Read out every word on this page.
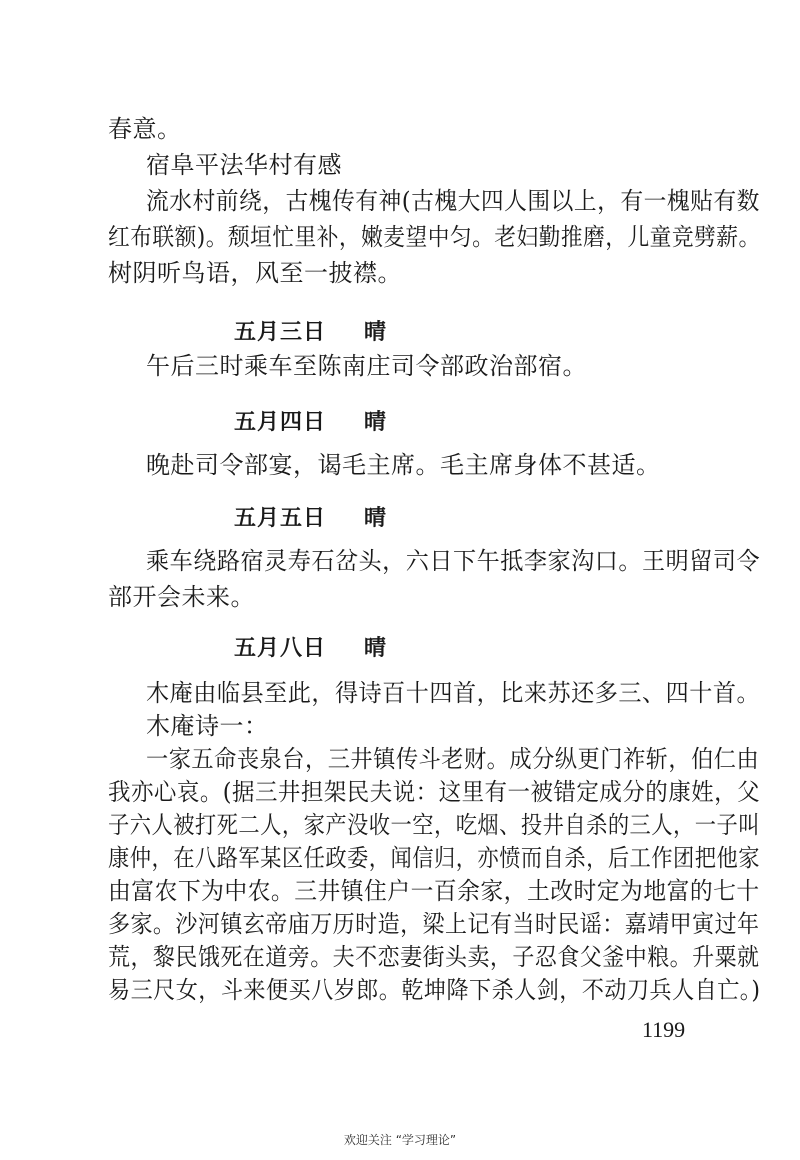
春意。
宿阜平法华村有感
流水村前绕，古槐传有神(古槐大四人围以上，有一槐贴有数
红布联额)。颓垣忙里补，嫩麦望中匀。老妇勤推磨，儿童竞劈薪。
树阴听鸟语，风至一披襟。
五月三日 晴
午后三时乘车至陈南庄司令部政治部宿。
五月四日 晴
晚赴司令部宴，谒毛主席。毛主席身体不甚适。
五月五日 晴
乘车绕路宿灵寿石岔头，六日下午抵李家沟口。王明留司令
部开会未来。
五月八日 晴
木庵由临县至此，得诗百十四首，比来苏还多三、四十首。
木庵诗一：
一家五命丧泉台，三井镇传斗老财。成分纵更门祚斩，伯仁由
我亦心哀。(据三井担架民夫说：这里有一被错定成分的康姓，父
子六人被打死二人，家产没收一空，吃烟、投井自杀的三人，一子叫
康仲，在八路军某区任政委，闻信归，亦愤而自杀，后工作团把他家
由富农下为中农。三井镇住户一百余家，土改时定为地富的七十
多家。沙河镇玄帝庙万历时造，梁上记有当时民谣：嘉靖甲寅过年
荒，黎民饿死在道旁。夫不恋妻街头卖，子忍食父釜中粮。升粟就
易三尺女，斗来便买八岁郎。乾坤降下杀人剑，不动刀兵人自亡。)
1199
欢迎关注 “学习理论”
